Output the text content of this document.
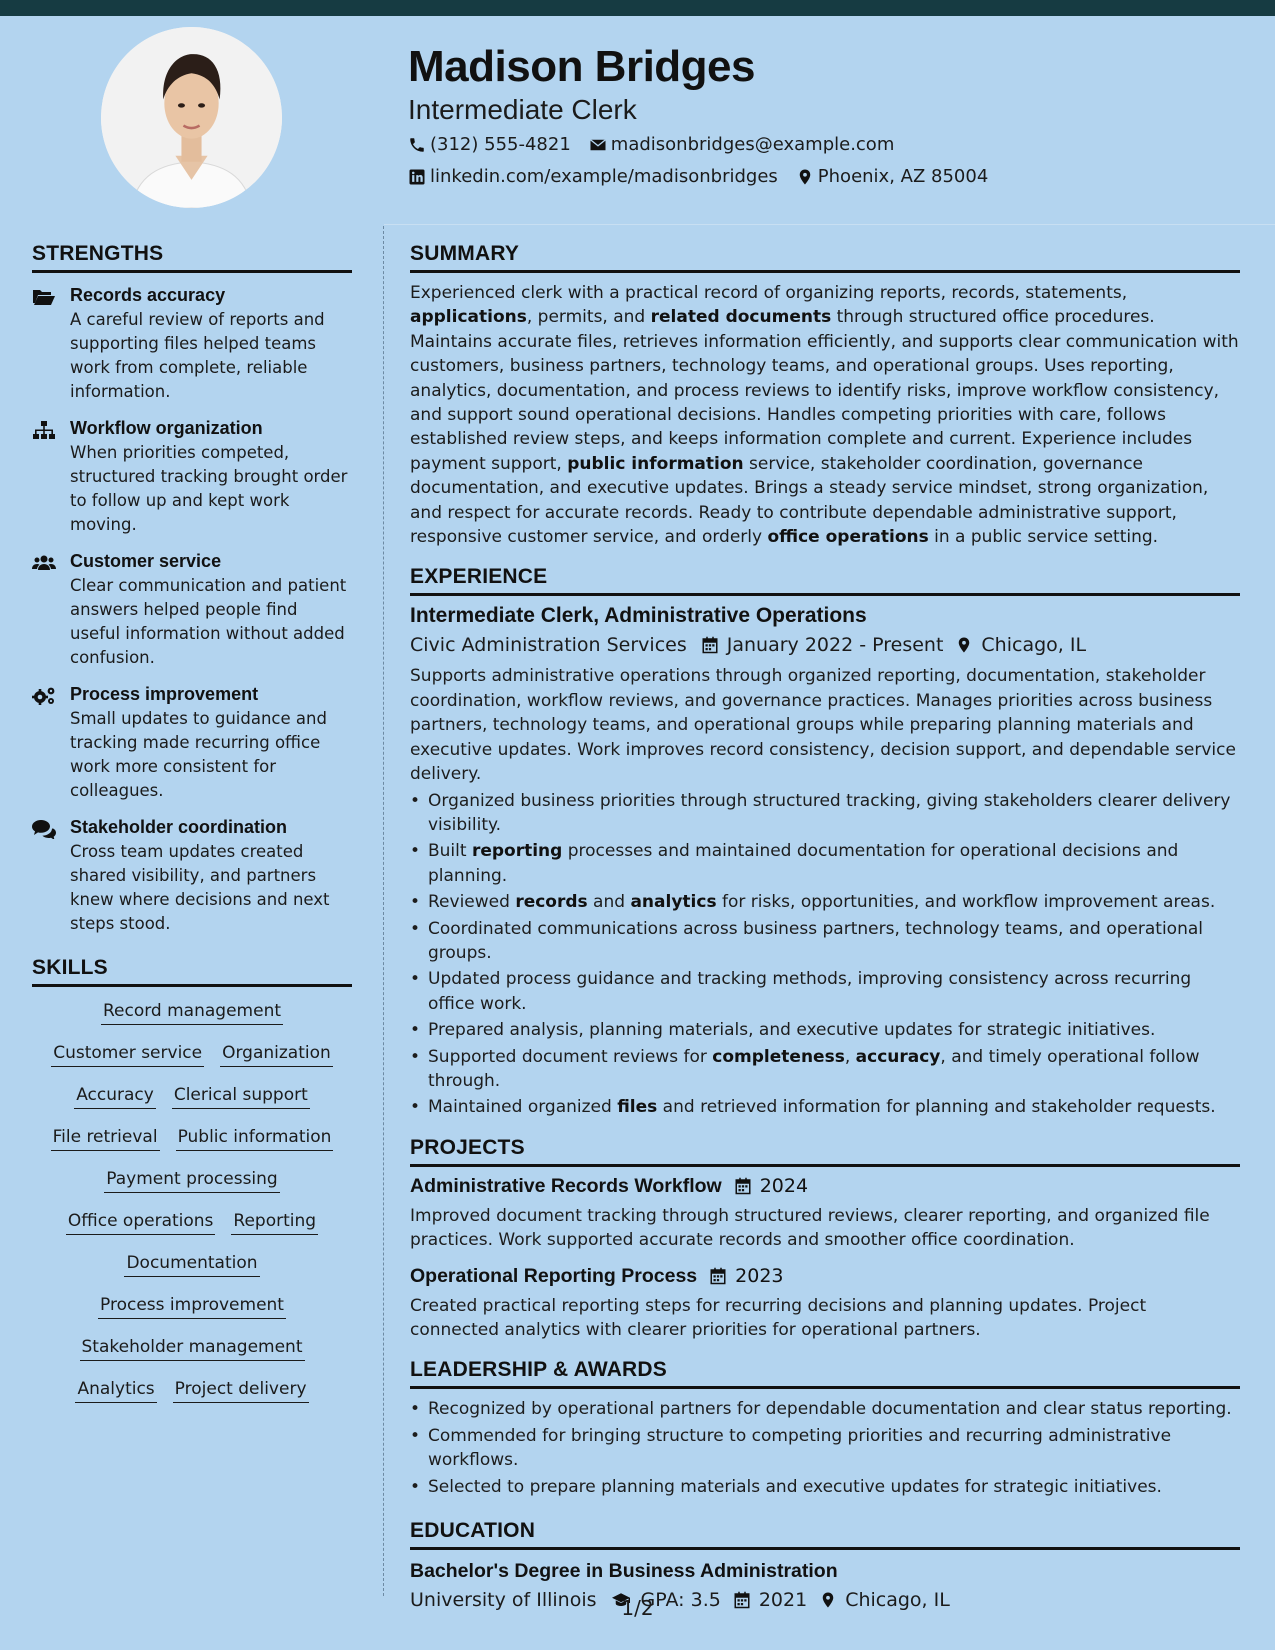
Madison Bridges
Intermediate Clerk
(312) 555-4821 madisonbridges@example.com
linkedin.com/example/madisonbridges Phoenix, AZ 85004
STRENGTHS
Records accuracy
A careful review of reports and supporting files helped teams work from complete, reliable information.
Workflow organization
When priorities competed, structured tracking brought order to follow up and kept work moving.
Customer service
Clear communication and patient answers helped people find useful information without added confusion.
Process improvement
Small updates to guidance and tracking made recurring office work more consistent for colleagues.
Stakeholder coordination
Cross team updates created shared visibility, and partners knew where decisions and next steps stood.
SKILLS
Record management
Customer service Organization
Accuracy Clerical support
File retrieval Public information
Payment processing
Office operations Reporting
Documentation
Process improvement
Stakeholder management
Analytics Project delivery
SUMMARY
Experienced clerk with a practical record of organizing reports, records, statements, applications, permits, and related documents through structured office procedures. Maintains accurate files, retrieves information efficiently, and supports clear communication with customers, business partners, technology teams, and operational groups. Uses reporting, analytics, documentation, and process reviews to identify risks, improve workflow consistency, and support sound operational decisions. Handles competing priorities with care, follows established review steps, and keeps information complete and current. Experience includes payment support, public information service, stakeholder coordination, governance documentation, and executive updates. Brings a steady service mindset, strong organization, and respect for accurate records. Ready to contribute dependable administrative support, responsive customer service, and orderly office operations in a public service setting.
EXPERIENCE
Intermediate Clerk, Administrative Operations
Civic Administration Services January 2022 - Present Chicago, IL
Supports administrative operations through organized reporting, documentation, stakeholder coordination, workflow reviews, and governance practices. Manages priorities across business partners, technology teams, and operational groups while preparing planning materials and executive updates. Work improves record consistency, decision support, and dependable service delivery.
• Organized business priorities through structured tracking, giving stakeholders clearer delivery visibility.
• Built reporting processes and maintained documentation for operational decisions and planning.
• Reviewed records and analytics for risks, opportunities, and workflow improvement areas.
• Coordinated communications across business partners, technology teams, and operational groups.
• Updated process guidance and tracking methods, improving consistency across recurring office work.
• Prepared analysis, planning materials, and executive updates for strategic initiatives.
• Supported document reviews for completeness, accuracy, and timely operational follow through.
• Maintained organized files and retrieved information for planning and stakeholder requests.
PROJECTS
Administrative Records Workflow 2024
Improved document tracking through structured reviews, clearer reporting, and organized file practices. Work supported accurate records and smoother office coordination.
Operational Reporting Process 2023
Created practical reporting steps for recurring decisions and planning updates. Project connected analytics with clearer priorities for operational partners.
LEADERSHIP & AWARDS
• Recognized by operational partners for dependable documentation and clear status reporting.
• Commended for bringing structure to competing priorities and recurring administrative workflows.
• Selected to prepare planning materials and executive updates for strategic initiatives.
EDUCATION
Bachelor's Degree in Business Administration
University of Illinois GPA: 3.5 2021 Chicago, IL
1/2
